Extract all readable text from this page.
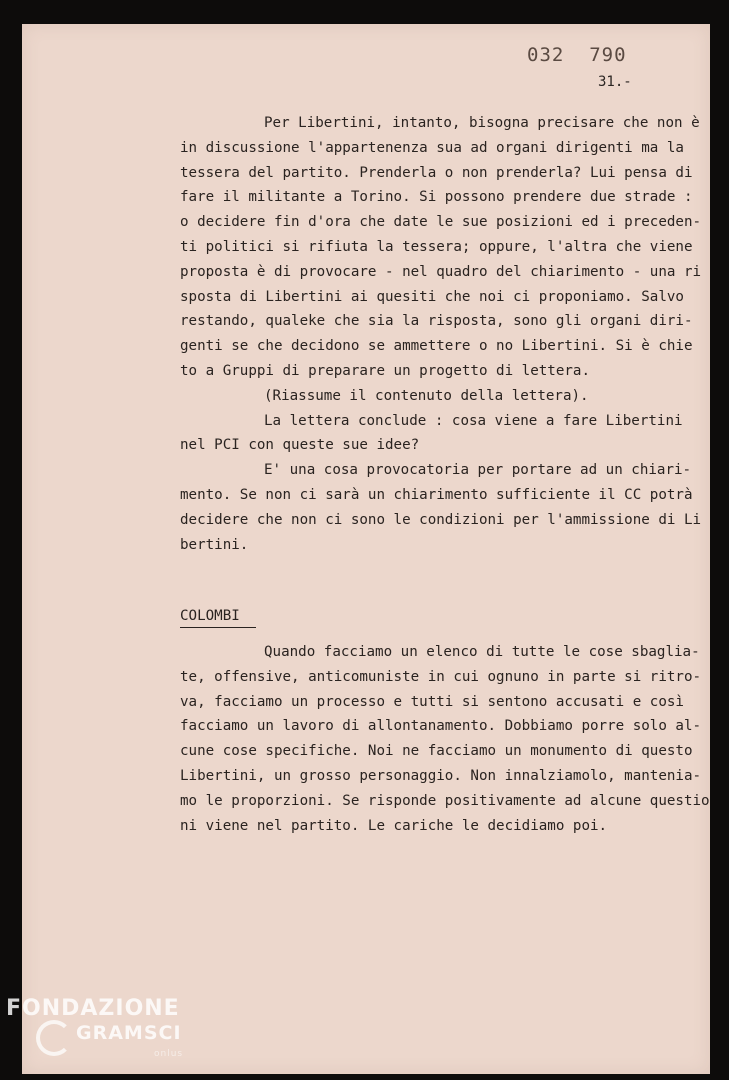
032  790
31.-
Per Libertini, intanto, bisogna precisare che non è
in discussione l'appartenenza sua ad organi dirigenti ma la
tessera del partito. Prenderla o non prenderla? Lui pensa di
fare il militante a Torino. Si possono prendere due strade :
o decidere fin d'ora che date le sue posizioni ed i preceden-
ti politici si rifiuta la tessera; oppure, l'altra che viene
proposta è di provocare - nel quadro del chiarimento - una ri
sposta di Libertini ai quesiti che noi ci proponiamo. Salvo
restando, qualeke che sia la risposta, sono gli organi diri-
genti se che decidono se ammettere o no Libertini. Si è chie
to a Gruppi di preparare un progetto di lettera.
(Riassume il contenuto della lettera).
La lettera conclude : cosa viene a fare Libertini
nel PCI con queste sue idee?
E' una cosa provocatoria per portare ad un chiari-
mento. Se non ci sarà un chiarimento sufficiente il CC potrà
decidere che non ci sono le condizioni per l'ammissione di Li
bertini.
COLOMBI
Quando facciamo un elenco di tutte le cose sbaglia-
te, offensive, anticomuniste in cui ognuno in parte si ritro-
va, facciamo un processo e tutti si sentono accusati e così
facciamo un lavoro di allontanamento. Dobbiamo porre solo al-
cune cose specifiche. Noi ne facciamo un monumento di questo
Libertini, un grosso personaggio. Non innalziamolo, mantenia-
mo le proporzioni. Se risponde positivamente ad alcune questio
ni viene nel partito. Le cariche le decidiamo poi.
FONDAZIONE
GRAMSCI
onlus
